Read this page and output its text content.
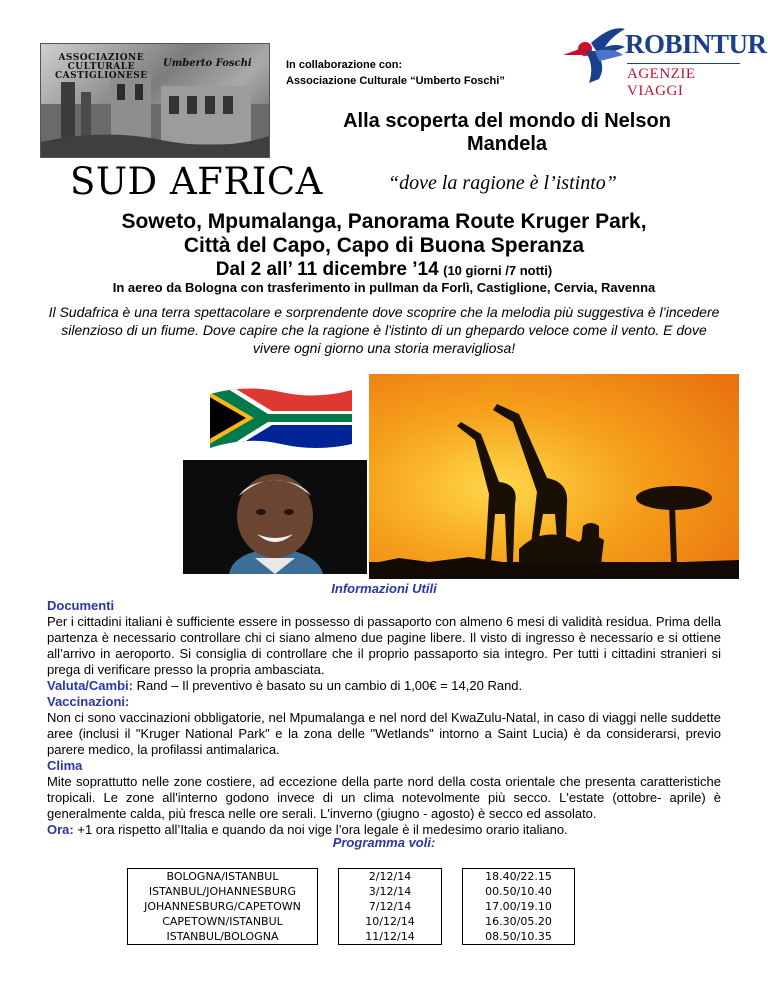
ASSOCIAZIONE
CULTURALE
CASTIGLIONESE
Umberto Foschi	In collaborazione con:
Associazione Culturale “Umberto Foschi”
ROBINTUR
AGENZIE VIAGGI
Alla scoperta del mondo di Nelson
Mandela
SUD AFRICA	“dove la ragione è l’istinto”
Soweto, Mpumalanga, Panorama Route Kruger Park,
Città del Capo, Capo di Buona Speranza
Dal 2 all’ 11 dicembre ’14 (10 giorni /7 notti)
In aereo da Bologna con trasferimento in pullman da Forlì, Castiglione, Cervia, Ravenna
Il Sudafrica è una terra spettacolare e sorprendente dove scoprire che la melodia più suggestiva è l’incedere silenzioso di un fiume. Dove capire che la ragione è l'istinto di un ghepardo veloce come il vento. E dove vivere ogni giorno una storia meravigliosa!
Informazioni Utili
Documenti

Per i cittadini italiani è sufficiente essere in possesso di passaporto con almeno 6 mesi di validità residua. Prima della partenza è necessario controllare chi ci siano almeno due pagine libere. Il visto di ingresso è necessario e si ottiene all’arrivo in aeroporto. Si consiglia di controllare che il proprio passaporto sia integro. Per tutti i cittadini stranieri si prega di verificare presso la propria ambasciata.

Valuta/Cambi: Rand – Il preventivo è basato su un cambio di 1,00€ = 14,20 Rand.

Vaccinazioni:

Non ci sono vaccinazioni obbligatorie, nel Mpumalanga e nel nord del KwaZulu-Natal, in caso di viaggi nelle suddette aree (inclusi il "Kruger National Park" e la zona delle "Wetlands" intorno a Saint Lucia) è da considerarsi, previo parere medico, la profilassi antimalarica.

Clima

Mite soprattutto nelle zone costiere, ad eccezione della parte nord della costa orientale che presenta caratteristiche tropicali. Le zone all'interno godono invece di un clima notevolmente più secco. L'estate (ottobre- aprile) è generalmente calda, più fresca nelle ore serali. L'inverno (giugno - agosto) è secco ed assolato.

Ora: +1 ora rispetto all’Italia e quando da noi vige l’ora legale è il medesimo orario italiano.

Programma voli:
BOLOGNA/ISTANBUL		2/12/14		18.40/22.15
ISTANBUL/JOHANNESBURG		3/12/14		00.50/10.40
JOHANNESBURG/CAPETOWN		7/12/14		17.00/19.10
CAPETOWN/ISTANBUL		10/12/14		16.30/05.20
ISTANBUL/BOLOGNA		11/12/14		08.50/10.35
